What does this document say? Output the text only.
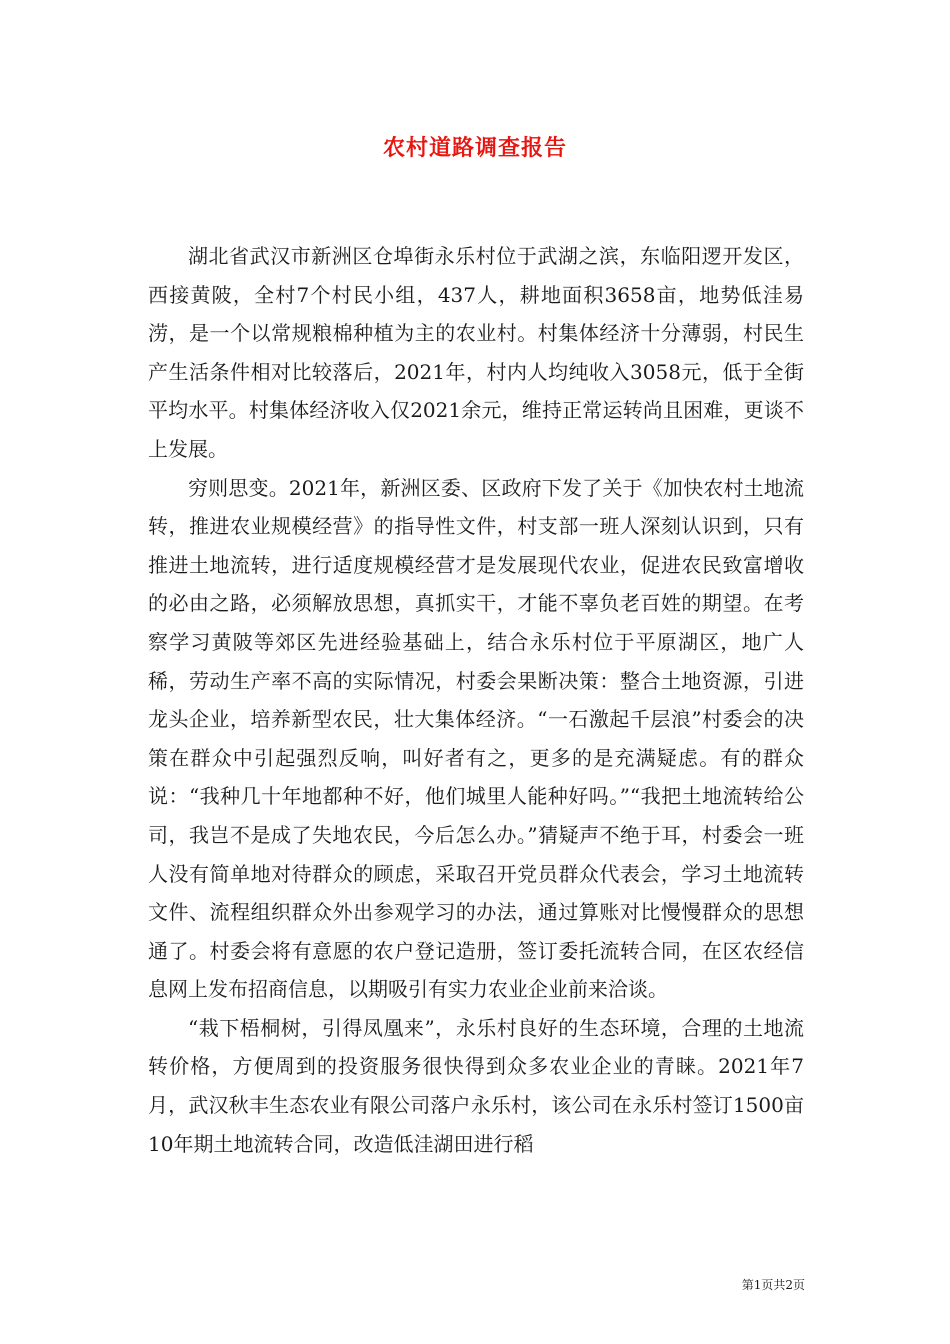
农村道路调查报告

湖北省武汉市新洲区仓埠街永乐村位于武湖之滨，东临阳逻开发区，西接黄陂，全村7个村民小组，437人，耕地面积3658亩，地势低洼易涝，是一个以常规粮棉种植为主的农业村。村集体经济十分薄弱，村民生产生活条件相对比较落后，2021年，村内人均纯收入3058元，低于全街平均水平。村集体经济收入仅2021余元，维持正常运转尚且困难，更谈不上发展。

穷则思变。2021年，新洲区委、区政府下发了关于《加快农村土地流转，推进农业规模经营》的指导性文件，村支部一班人深刻认识到，只有推进土地流转，进行适度规模经营才是发展现代农业，促进农民致富增收的必由之路，必须解放思想，真抓实干，才能不辜负老百姓的期望。在考察学习黄陂等郊区先进经验基础上，结合永乐村位于平原湖区，地广人稀，劳动生产率不高的实际情况，村委会果断决策：整合土地资源，引进龙头企业，培养新型农民，壮大集体经济。“一石激起千层浪”村委会的决策在群众中引起强烈反响，叫好者有之，更多的是充满疑虑。有的群众说：“我种几十年地都种不好，他们城里人能种好吗。”“我把土地流转给公司，我岂不是成了失地农民，今后怎么办。”猜疑声不绝于耳，村委会一班人没有简单地对待群众的顾虑，采取召开党员群众代表会，学习土地流转文件、流程组织群众外出参观学习的办法，通过算账对比慢慢群众的思想通了。村委会将有意愿的农户登记造册，签订委托流转合同，在区农经信息网上发布招商信息，以期吸引有实力农业企业前来洽谈。

“栽下梧桐树，引得凤凰来”，永乐村良好的生态环境，合理的土地流转价格，方便周到的投资服务很快得到众多农业企业的青睐。2021年7月，武汉秋丰生态农业有限公司落户永乐村，该公司在永乐村签订1500亩10年期土地流转合同，改造低洼湖田进行稻

第1页共2页
